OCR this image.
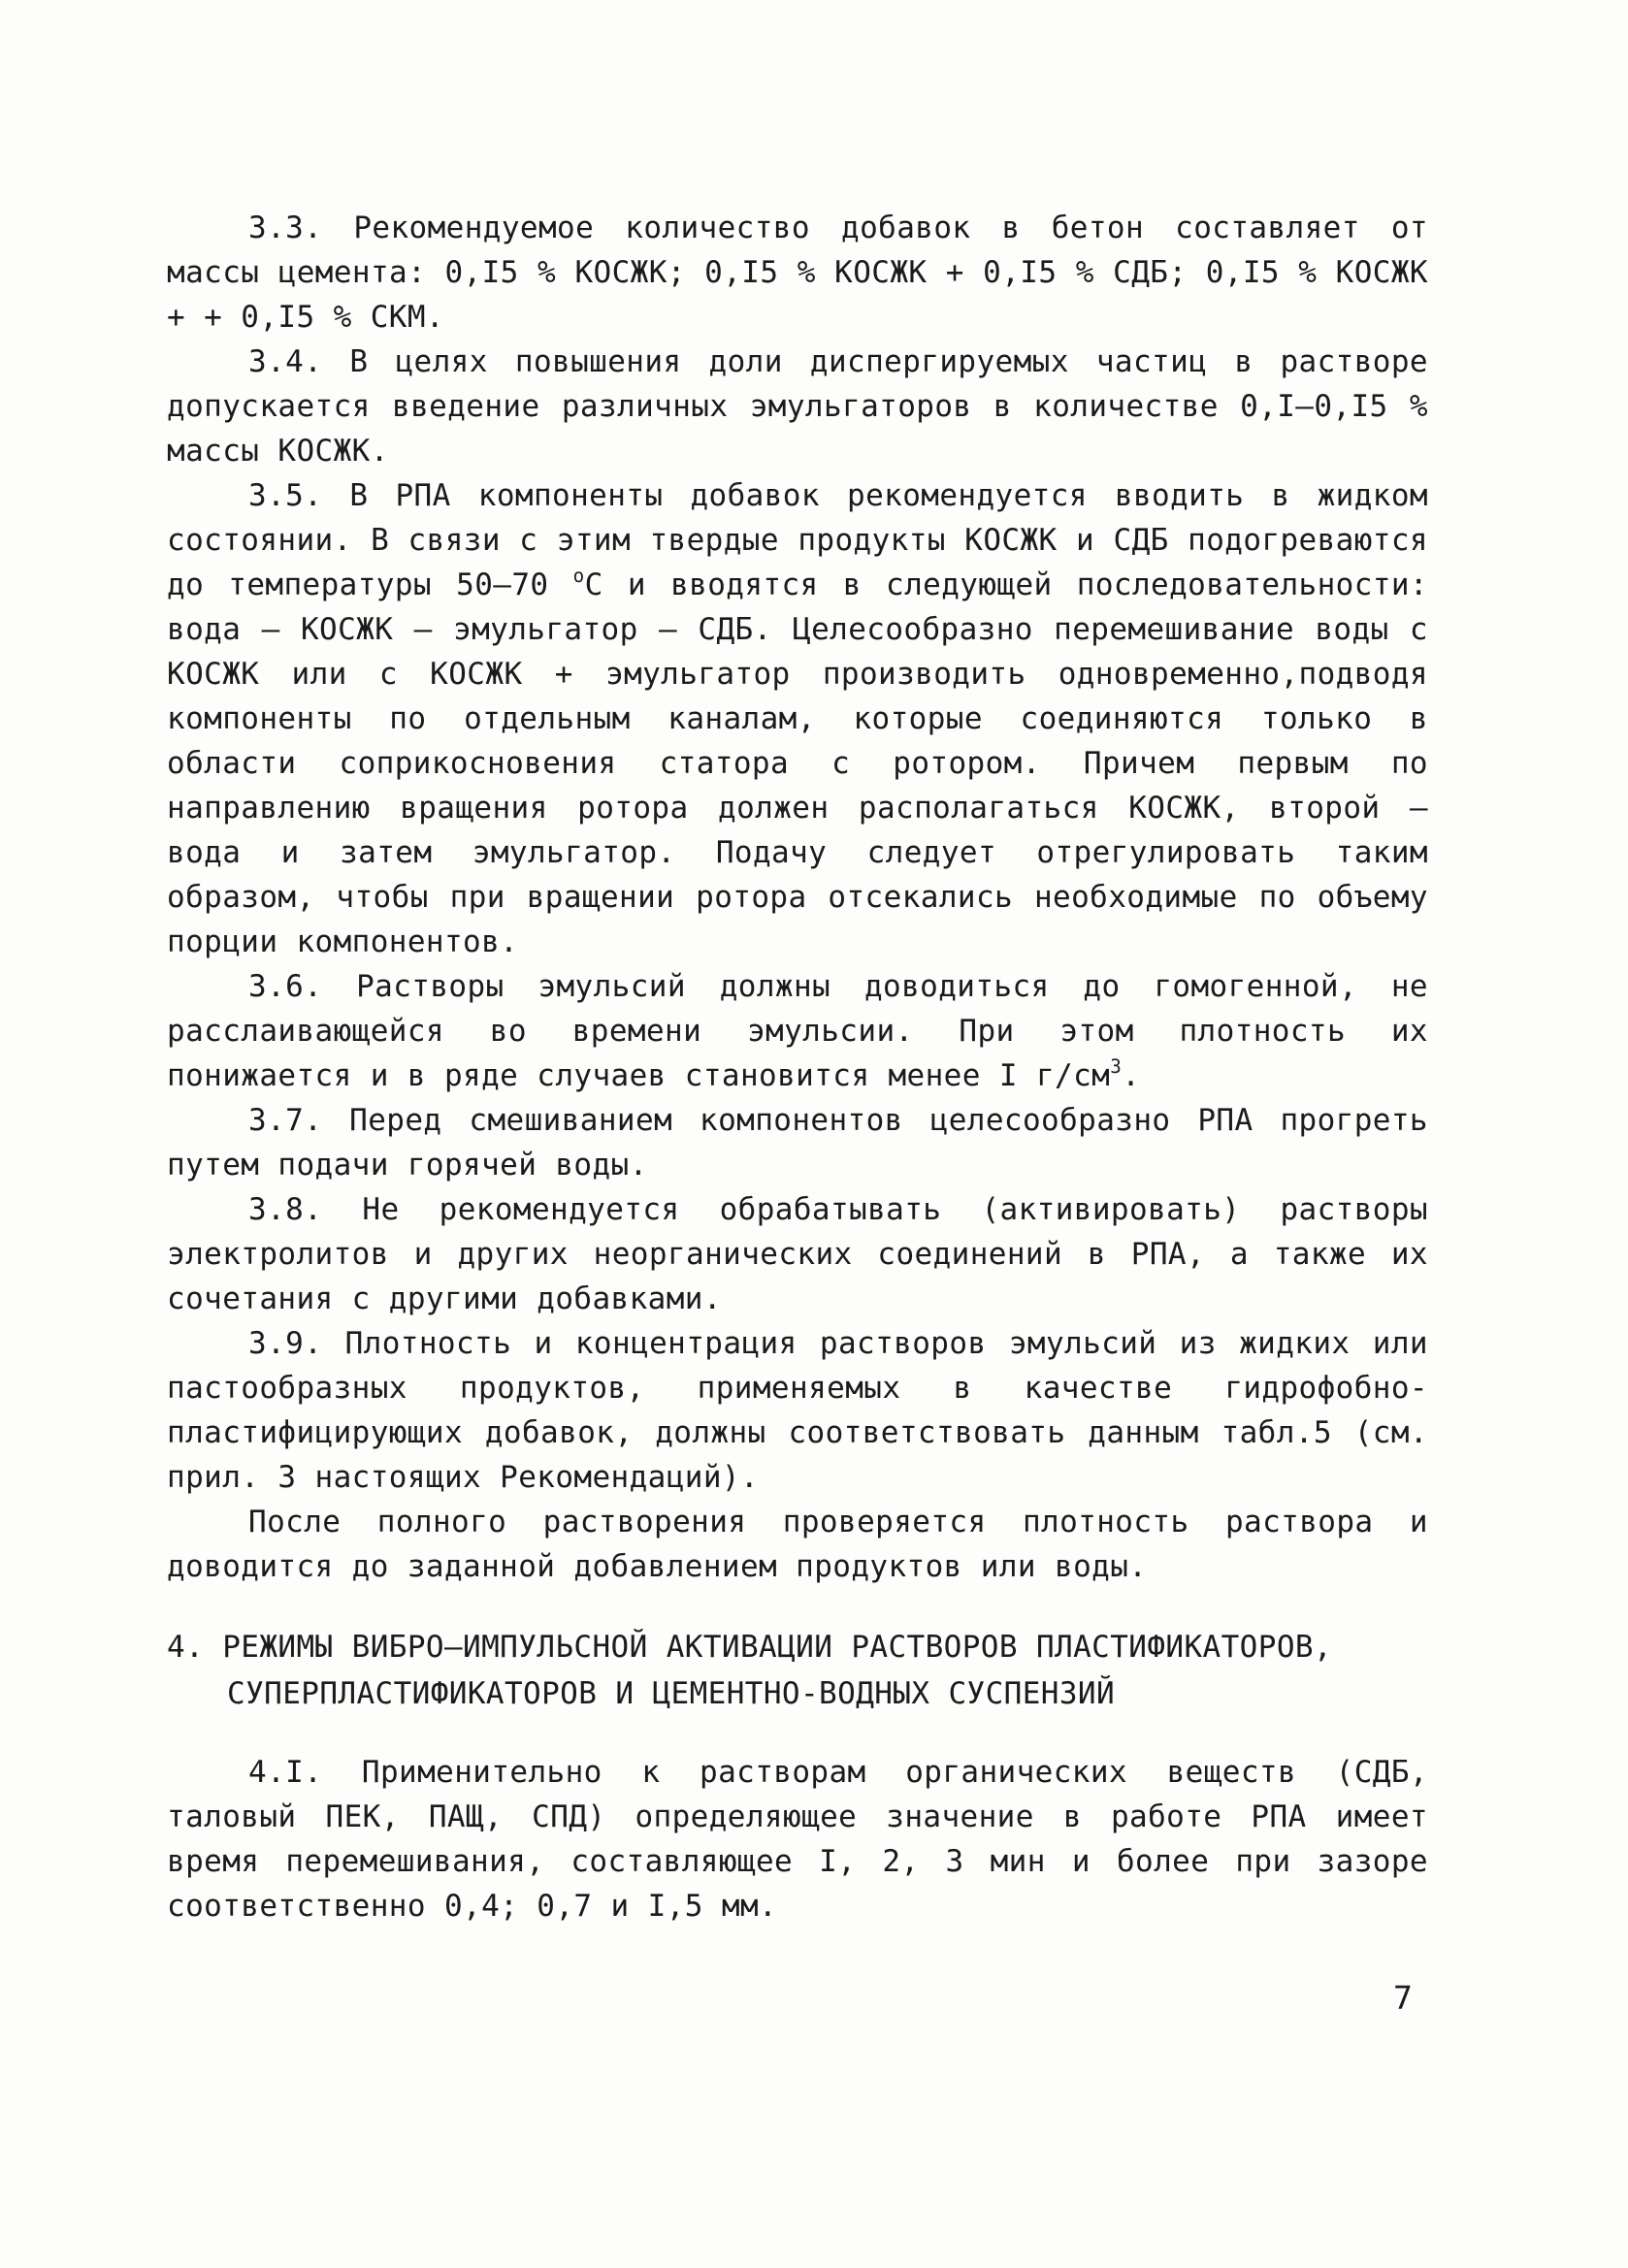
3.3. Рекомендуемое количество добавок в бетон составляет от массы цемента: 0,I5 % КОСЖК; 0,I5 % КОСЖК + 0,I5 % СДБ; 0,I5 % КОСЖК + + 0,I5 % СКМ.

3.4. В целях повышения доли диспергируемых частиц в растворе допускается введение различных эмульгаторов в количестве 0,I–0,I5 % массы КОСЖК.

3.5. В РПА компоненты добавок рекомендуется вводить в жидком состоянии. В связи с этим твердые продукты КОСЖК и СДБ подогреваются до температуры 50–70 $^о$С и вводятся в следующей последовательности: вода – КОСЖК – эмульгатор – СДБ. Целесообразно перемешивание воды с КОСЖК или с КОСЖК + эмульгатор производить одновременно,подводя компоненты по отдельным каналам, которые соединяются только в области соприкосновения статора с ротором. Причем первым по направлению вращения ротора должен располагаться КОСЖК, второй – вода и затем эмульгатор. Подачу следует отрегулировать таким образом, чтобы при вращении ротора отсекались необходимые по объему порции компонентов.

3.6. Растворы эмульсий должны доводиться до гомогенной, не расслаивающейся во времени эмульсии. При этом плотность их понижается и в ряде случаев становится менее I $г/см^3$.

3.7. Перед смешиванием компонентов целесообразно РПА прогреть путем подачи горячей воды.

3.8. Не рекомендуется обрабатывать (активировать) растворы электролитов и других неорганических соединений в РПА, а также их сочетания с другими добавками.

3.9. Плотность и концентрация растворов эмульсий из жидких или пастообразных продуктов, применяемых в качестве гидрофобно-пластифицирующих добавок, должны соответствовать данным табл.5 (см. прил. 3 настоящих Рекомендаций).

После полного растворения проверяется плотность раствора и доводится до заданной добавлением продуктов или воды.

4. РЕЖИМЫ ВИБРО–ИМПУЛЬСНОЙ АКТИВАЦИИ РАСТВОРОВ ПЛАСТИФИКАТОРОВ,
СУПЕРПЛАСТИФИКАТОРОВ И ЦЕМЕНТНО-ВОДНЫХ СУСПЕНЗИЙ

4.I. Применительно к растворам органических веществ (СДБ, таловый ПЕК, ПАЩ, СПД) определяющее значение в работе РПА имеет время перемешивания, составляющее I, 2, 3 мин и более при зазоре соответственно 0,4; 0,7 и I,5 мм.

7
